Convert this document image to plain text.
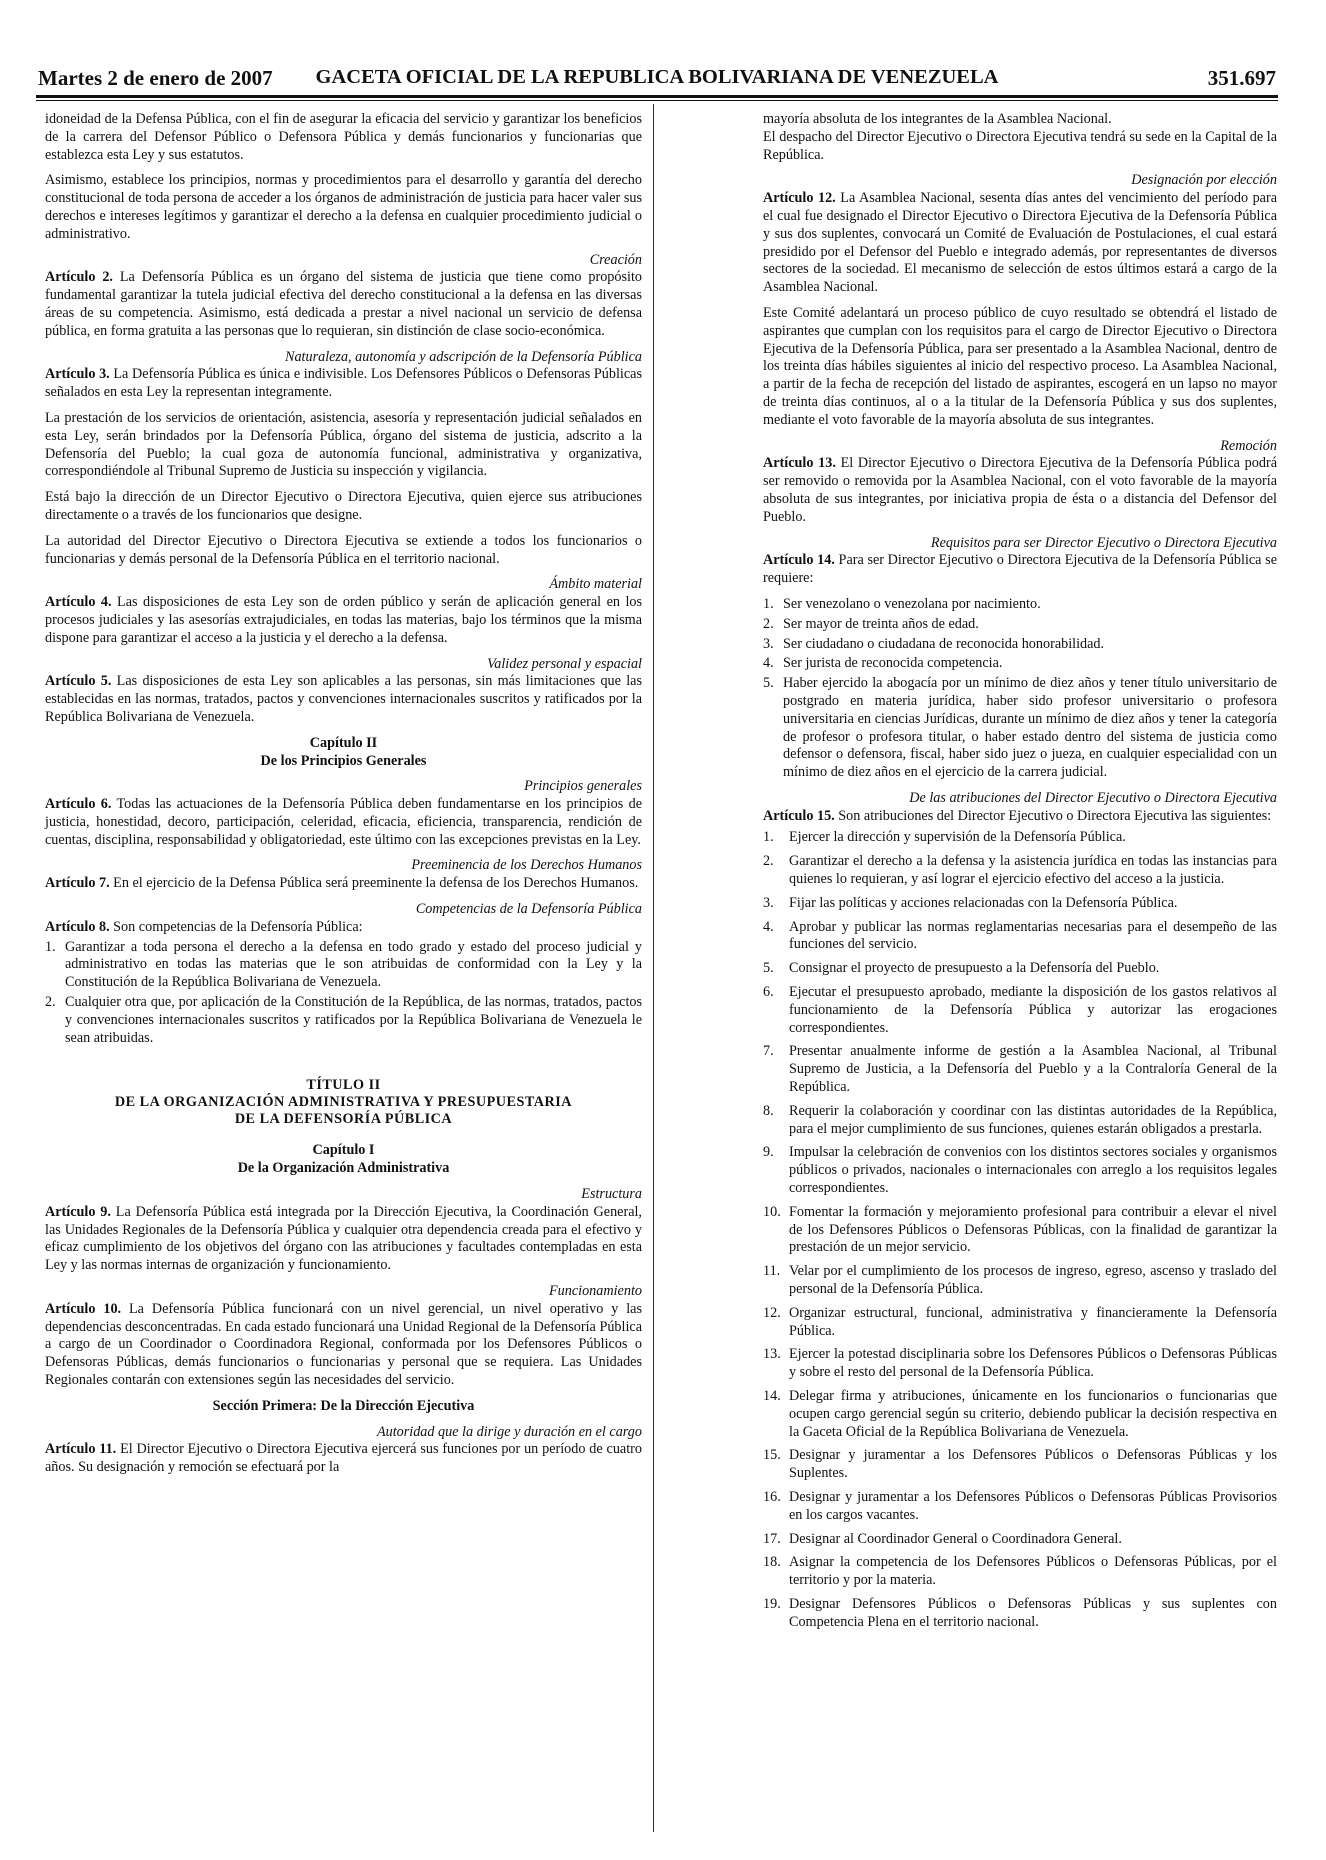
Martes 2 de enero de 2007	GACETA OFICIAL DE LA REPUBLICA BOLIVARIANA DE VENEZUELA	351.697

idoneidad de la Defensa Pública, con el fin de asegurar la eficacia del servicio y garantizar los beneficios de la carrera del Defensor Público o Defensora Pública y demás funcionarios y funcionarias que establezca esta Ley y sus estatutos.

Asimismo, establece los principios, normas y procedimientos para el desarrollo y garantía del derecho constitucional de toda persona de acceder a los órganos de administración de justicia para hacer valer sus derechos e intereses legítimos y garantizar el derecho a la defensa en cualquier procedimiento judicial o administrativo.

Creación

Artículo 2. La Defensoría Pública es un órgano del sistema de justicia que tiene como propósito fundamental garantizar la tutela judicial efectiva del derecho constitucional a la defensa en las diversas áreas de su competencia. Asimismo, está dedicada a prestar a nivel nacional un servicio de defensa pública, en forma gratuita a las personas que lo requieran, sin distinción de clase socio-económica.

Naturaleza, autonomía y adscripción de la Defensoría Pública

Artículo 3. La Defensoría Pública es única e indivisible. Los Defensores Públicos o Defensoras Públicas señalados en esta Ley la representan integramente.

La prestación de los servicios de orientación, asistencia, asesoría y representación judicial señalados en esta Ley, serán brindados por la Defensoría Pública, órgano del sistema de justicia, adscrito a la Defensoría del Pueblo; la cual goza de autonomía funcional, administrativa y organizativa, correspondiéndole al Tribunal Supremo de Justicia su inspección y vigilancia.

Está bajo la dirección de un Director Ejecutivo o Directora Ejecutiva, quien ejerce sus atribuciones directamente o a través de los funcionarios que designe.

La autoridad del Director Ejecutivo o Directora Ejecutiva se extiende a todos los funcionarios o funcionarias y demás personal de la Defensoría Pública en el territorio nacional.

Ámbito material

Artículo 4. Las disposiciones de esta Ley son de orden público y serán de aplicación general en los procesos judiciales y las asesorías extrajudiciales, en todas las materias, bajo los términos que la misma dispone para garantizar el acceso a la justicia y el derecho a la defensa.

Validez personal y espacial

Artículo 5. Las disposiciones de esta Ley son aplicables a las personas, sin más limitaciones que las establecidas en las normas, tratados, pactos y convenciones internacionales suscritos y ratificados por la República Bolivariana de Venezuela.

Capítulo II
De los Principios Generales
Principios generales

Artículo 6. Todas las actuaciones de la Defensoría Pública deben fundamentarse en los principios de justicia, honestidad, decoro, participación, celeridad, eficacia, eficiencia, transparencia, rendición de cuentas, disciplina, responsabilidad y obligatoriedad, este último con las excepciones previstas en la Ley.

Preeminencia de los Derechos Humanos

Artículo 7. En el ejercicio de la Defensa Pública será preeminente la defensa de los Derechos Humanos.

Competencias de la Defensoría Pública

Artículo 8. Son competencias de la Defensoría Pública:

1. Garantizar a toda persona el derecho a la defensa en todo grado y estado del proceso judicial y administrativo en todas las materias que le son atribuidas de conformidad con la Ley y la Constitución de la República Bolivariana de Venezuela.
2. Cualquier otra que, por aplicación de la Constitución de la República, de las normas, tratados, pactos y convenciones internacionales suscritos y ratificados por la República Bolivariana de Venezuela le sean atribuidas.
TÍTULO II
DE LA ORGANIZACIÓN ADMINISTRATIVA Y PRESUPUESTARIA
DE LA DEFENSORÍA PÚBLICA
Capítulo I
De la Organización Administrativa
Estructura

Artículo 9. La Defensoría Pública está integrada por la Dirección Ejecutiva, la Coordinación General, las Unidades Regionales de la Defensoría Pública y cualquier otra dependencia creada para el efectivo y eficaz cumplimiento de los objetivos del órgano con las atribuciones y facultades contempladas en esta Ley y las normas internas de organización y funcionamiento.

Funcionamiento

Artículo 10. La Defensoría Pública funcionará con un nivel gerencial, un nivel operativo y las dependencias desconcentradas. En cada estado funcionará una Unidad Regional de la Defensoría Pública a cargo de un Coordinador o Coordinadora Regional, conformada por los Defensores Públicos o Defensoras Públicas, demás funcionarios o funcionarias y personal que se requiera. Las Unidades Regionales contarán con extensiones según las necesidades del servicio.

Sección Primera: De la Dirección Ejecutiva
Autoridad que la dirige y duración en el cargo

Artículo 11. El Director Ejecutivo o Directora Ejecutiva ejercerá sus funciones por un período de cuatro años. Su designación y remoción se efectuará por la

mayoría absoluta de los integrantes de la Asamblea Nacional.

El despacho del Director Ejecutivo o Directora Ejecutiva tendrá su sede en la Capital de la República.

Designación por elección

Artículo 12. La Asamblea Nacional, sesenta días antes del vencimiento del período para el cual fue designado el Director Ejecutivo o Directora Ejecutiva de la Defensoría Pública y sus dos suplentes, convocará un Comité de Evaluación de Postulaciones, el cual estará presidido por el Defensor del Pueblo e integrado además, por representantes de diversos sectores de la sociedad. El mecanismo de selección de estos últimos estará a cargo de la Asamblea Nacional.

Este Comité adelantará un proceso público de cuyo resultado se obtendrá el listado de aspirantes que cumplan con los requisitos para el cargo de Director Ejecutivo o Directora Ejecutiva de la Defensoría Pública, para ser presentado a la Asamblea Nacional, dentro de los treinta días hábiles siguientes al inicio del respectivo proceso. La Asamblea Nacional, a partir de la fecha de recepción del listado de aspirantes, escogerá en un lapso no mayor de treinta días continuos, al o a la titular de la Defensoría Pública y sus dos suplentes, mediante el voto favorable de la mayoría absoluta de sus integrantes.

Remoción

Artículo 13. El Director Ejecutivo o Directora Ejecutiva de la Defensoría Pública podrá ser removido o removida por la Asamblea Nacional, con el voto favorable de la mayoría absoluta de sus integrantes, por iniciativa propia de ésta o a distancia del Defensor del Pueblo.

Requisitos para ser Director Ejecutivo o Directora Ejecutiva

Artículo 14. Para ser Director Ejecutivo o Directora Ejecutiva de la Defensoría Pública se requiere:

1. Ser venezolano o venezolana por nacimiento.
2. Ser mayor de treinta años de edad.
3. Ser ciudadano o ciudadana de reconocida honorabilidad.
4. Ser jurista de reconocida competencia.
5. Haber ejercido la abogacía por un mínimo de diez años y tener título universitario de postgrado en materia jurídica, haber sido profesor universitario o profesora universitaria en ciencias Jurídicas, durante un mínimo de diez años y tener la categoría de profesor o profesora titular, o haber estado dentro del sistema de justicia como defensor o defensora, fiscal, haber sido juez o jueza, en cualquier especialidad con un mínimo de diez años en el ejercicio de la carrera judicial.
De las atribuciones del Director Ejecutivo o Directora Ejecutiva

Artículo 15. Son atribuciones del Director Ejecutivo o Directora Ejecutiva las siguientes:

1.	Ejercer la dirección y supervisión de la Defensoría Pública.
2.	Garantizar el derecho a la defensa y la asistencia jurídica en todas las instancias para quienes lo requieran, y así lograr el ejercicio efectivo del acceso a la justicia.
3.	Fijar las políticas y acciones relacionadas con la Defensoría Pública.
4.	Aprobar y publicar las normas reglamentarias necesarias para el desempeño de las funciones del servicio.
5.	Consignar el proyecto de presupuesto a la Defensoría del Pueblo.
6.	Ejecutar el presupuesto aprobado, mediante la disposición de los gastos relativos al funcionamiento de la Defensoría Pública y autorizar las erogaciones correspondientes.
7.	Presentar anualmente informe de gestión a la Asamblea Nacional, al Tribunal Supremo de Justicia, a la Defensoría del Pueblo y a la Contraloría General de la República.
8.	Requerir la colaboración y coordinar con las distintas autoridades de la República, para el mejor cumplimiento de sus funciones, quienes estarán obligados a prestarla.
9.	Impulsar la celebración de convenios con los distintos sectores sociales y organismos públicos o privados, nacionales o internacionales con arreglo a los requisitos legales correspondientes.
10. Fomentar la formación y mejoramiento profesional para contribuir a elevar el nivel de los Defensores Públicos o Defensoras Públicas, con la finalidad de garantizar la prestación de un mejor servicio.
11. Velar por el cumplimiento de los procesos de ingreso, egreso, ascenso y traslado del personal de la Defensoría Pública.
12. Organizar estructural, funcional, administrativa y financieramente la Defensoría Pública.
13. Ejercer la potestad disciplinaria sobre los Defensores Públicos o Defensoras Públicas y sobre el resto del personal de la Defensoría Pública.
14. Delegar firma y atribuciones, únicamente en los funcionarios o funcionarias que ocupen cargo gerencial según su criterio, debiendo publicar la decisión respectiva en la Gaceta Oficial de la República Bolivariana de Venezuela.
15. Designar y juramentar a los Defensores Públicos o Defensoras Públicas y los Suplentes.
16. Designar y juramentar a los Defensores Públicos o Defensoras Públicas Provisorios en los cargos vacantes.
17. Designar al Coordinador General o Coordinadora General.
18. Asignar la competencia de los Defensores Públicos o Defensoras Públicas, por el territorio y por la materia.
19. Designar Defensores Públicos o Defensoras Públicas y sus suplentes con Competencia Plena en el territorio nacional.
